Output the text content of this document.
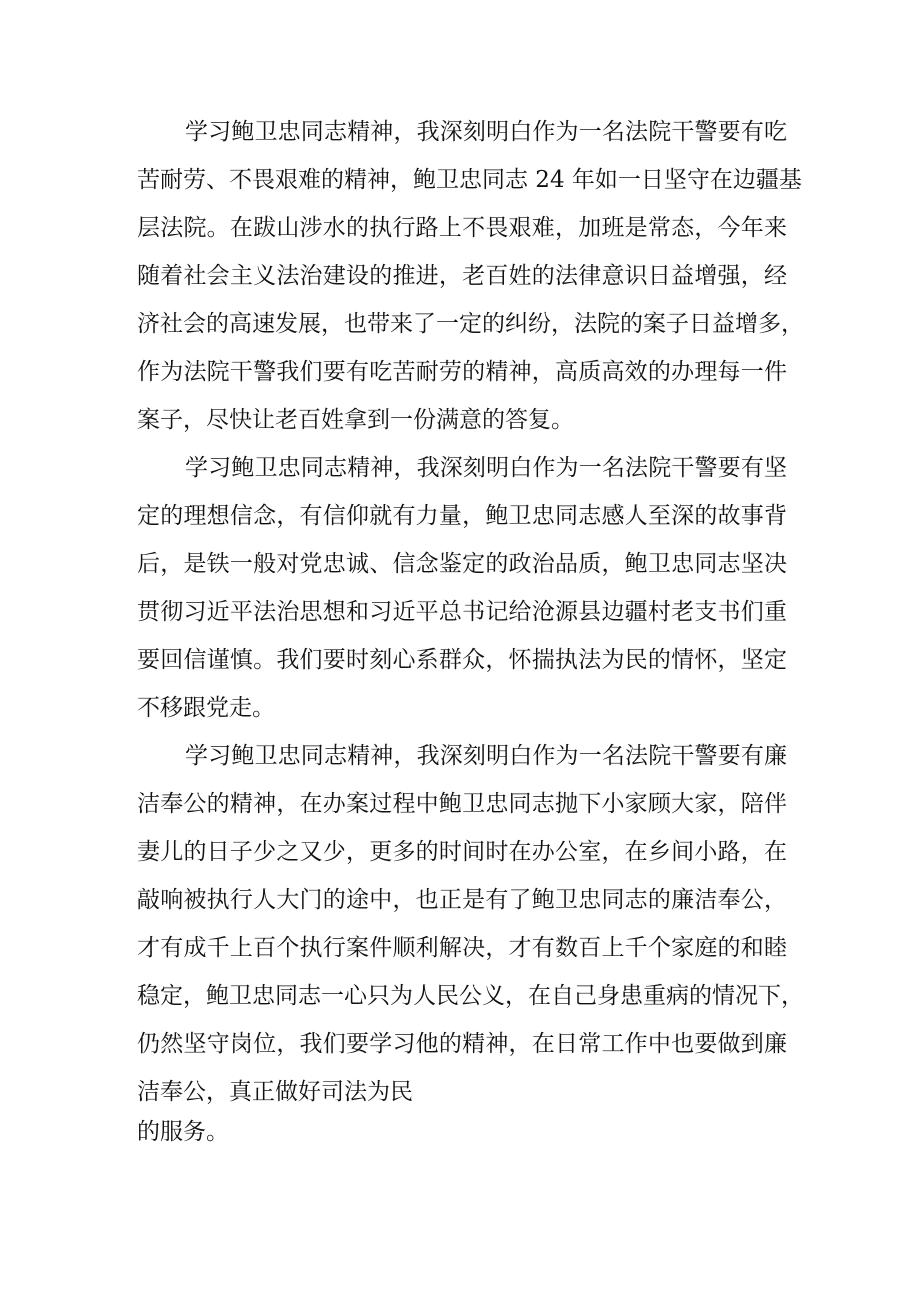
学习鲍卫忠同志精神，我深刻明白作为一名法院干警要有吃
苦耐劳、不畏艰难的精神，鲍卫忠同志 24 年如一日坚守在边疆基
层法院。在跋山涉水的执行路上不畏艰难，加班是常态，今年来
随着社会主义法治建设的推进，老百姓的法律意识日益增强，经
济社会的高速发展，也带来了一定的纠纷，法院的案子日益增多，
作为法院干警我们要有吃苦耐劳的精神，高质高效的办理每一件
案子，尽快让老百姓拿到一份满意的答复。
学习鲍卫忠同志精神，我深刻明白作为一名法院干警要有坚
定的理想信念，有信仰就有力量，鲍卫忠同志感人至深的故事背
后，是铁一般对党忠诚、信念鉴定的政治品质，鲍卫忠同志坚决
贯彻习近平法治思想和习近平总书记给沧源县边疆村老支书们重
要回信谨慎。我们要时刻心系群众，怀揣执法为民的情怀，坚定
不移跟党走。
学习鲍卫忠同志精神，我深刻明白作为一名法院干警要有廉
洁奉公的精神，在办案过程中鲍卫忠同志抛下小家顾大家，陪伴
妻儿的日子少之又少，更多的时间时在办公室，在乡间小路，在
敲响被执行人大门的途中，也正是有了鲍卫忠同志的廉洁奉公，
才有成千上百个执行案件顺利解决，才有数百上千个家庭的和睦
稳定，鲍卫忠同志一心只为人民公义，在自己身患重病的情况下，
仍然坚守岗位，我们要学习他的精神，在日常工作中也要做到廉
洁奉公，真正做好司法为民
的服务。
